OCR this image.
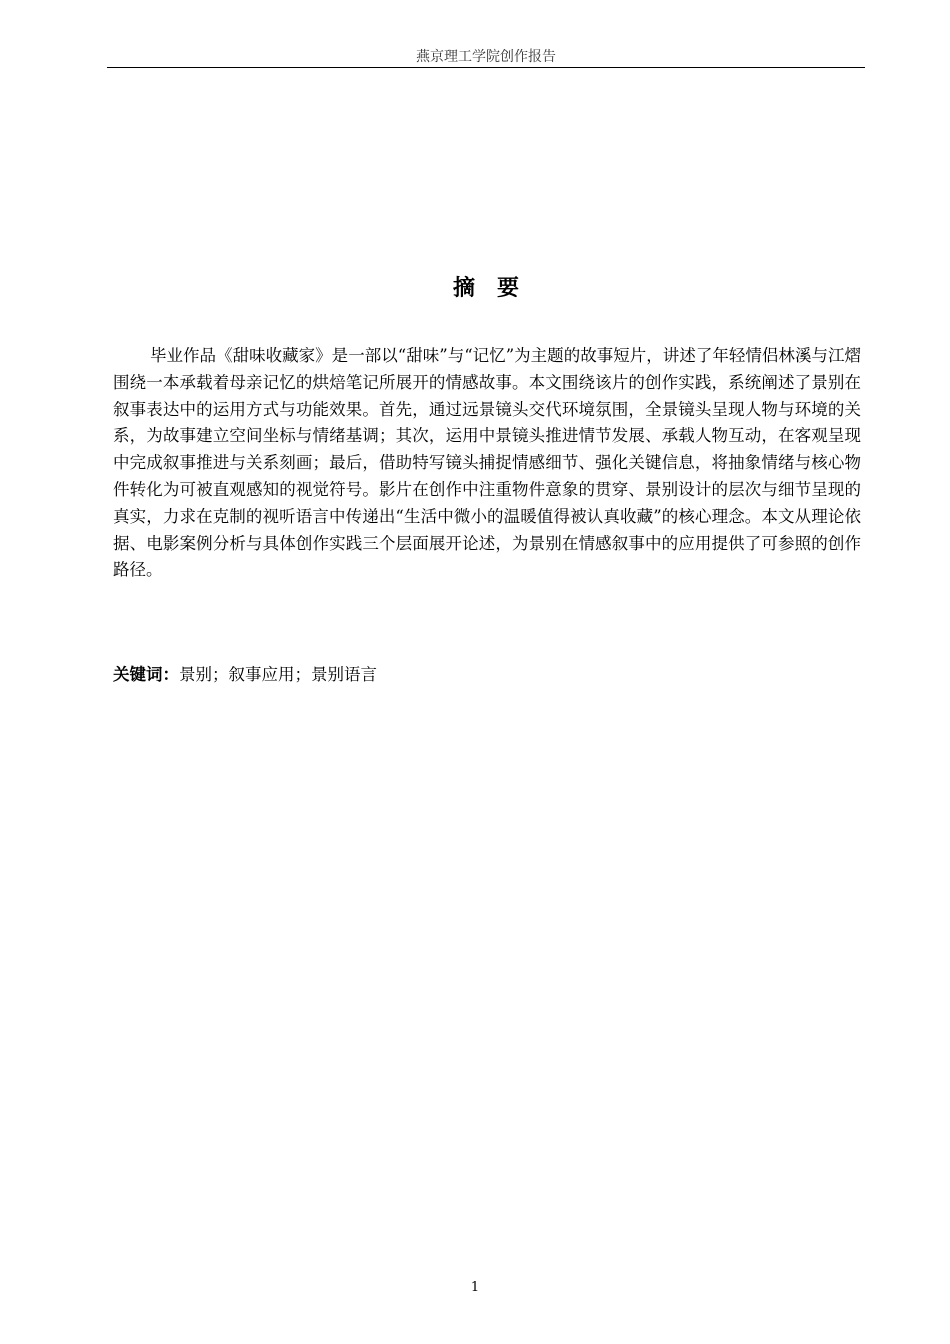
燕京理工学院创作报告
摘要

毕业作品《甜味收藏家》是一部以“甜味”与“记忆”为主题的故事短片，讲述了年轻情侣林溪与江熠围绕一本承载着母亲记忆的烘焙笔记所展开的情感故事。本文围绕该片的创作实践，系统阐述了景别在叙事表达中的运用方式与功能效果。首先，通过远景镜头交代环境氛围，全景镜头呈现人物与环境的关系，为故事建立空间坐标与情绪基调；其次，运用中景镜头推进情节发展、承载人物互动，在客观呈现中完成叙事推进与关系刻画；最后，借助特写镜头捕捉情感细节、强化关键信息，将抽象情绪与核心物件转化为可被直观感知的视觉符号。影片在创作中注重物件意象的贯穿、景别设计的层次与细节呈现的真实，力求在克制的视听语言中传递出“生活中微小的温暖值得被认真收藏”的核心理念。本文从理论依据、电影案例分析与具体创作实践三个层面展开论述，为景别在情感叙事中的应用提供了可参照的创作路径。

关键词：景别；叙事应用；景别语言
1
